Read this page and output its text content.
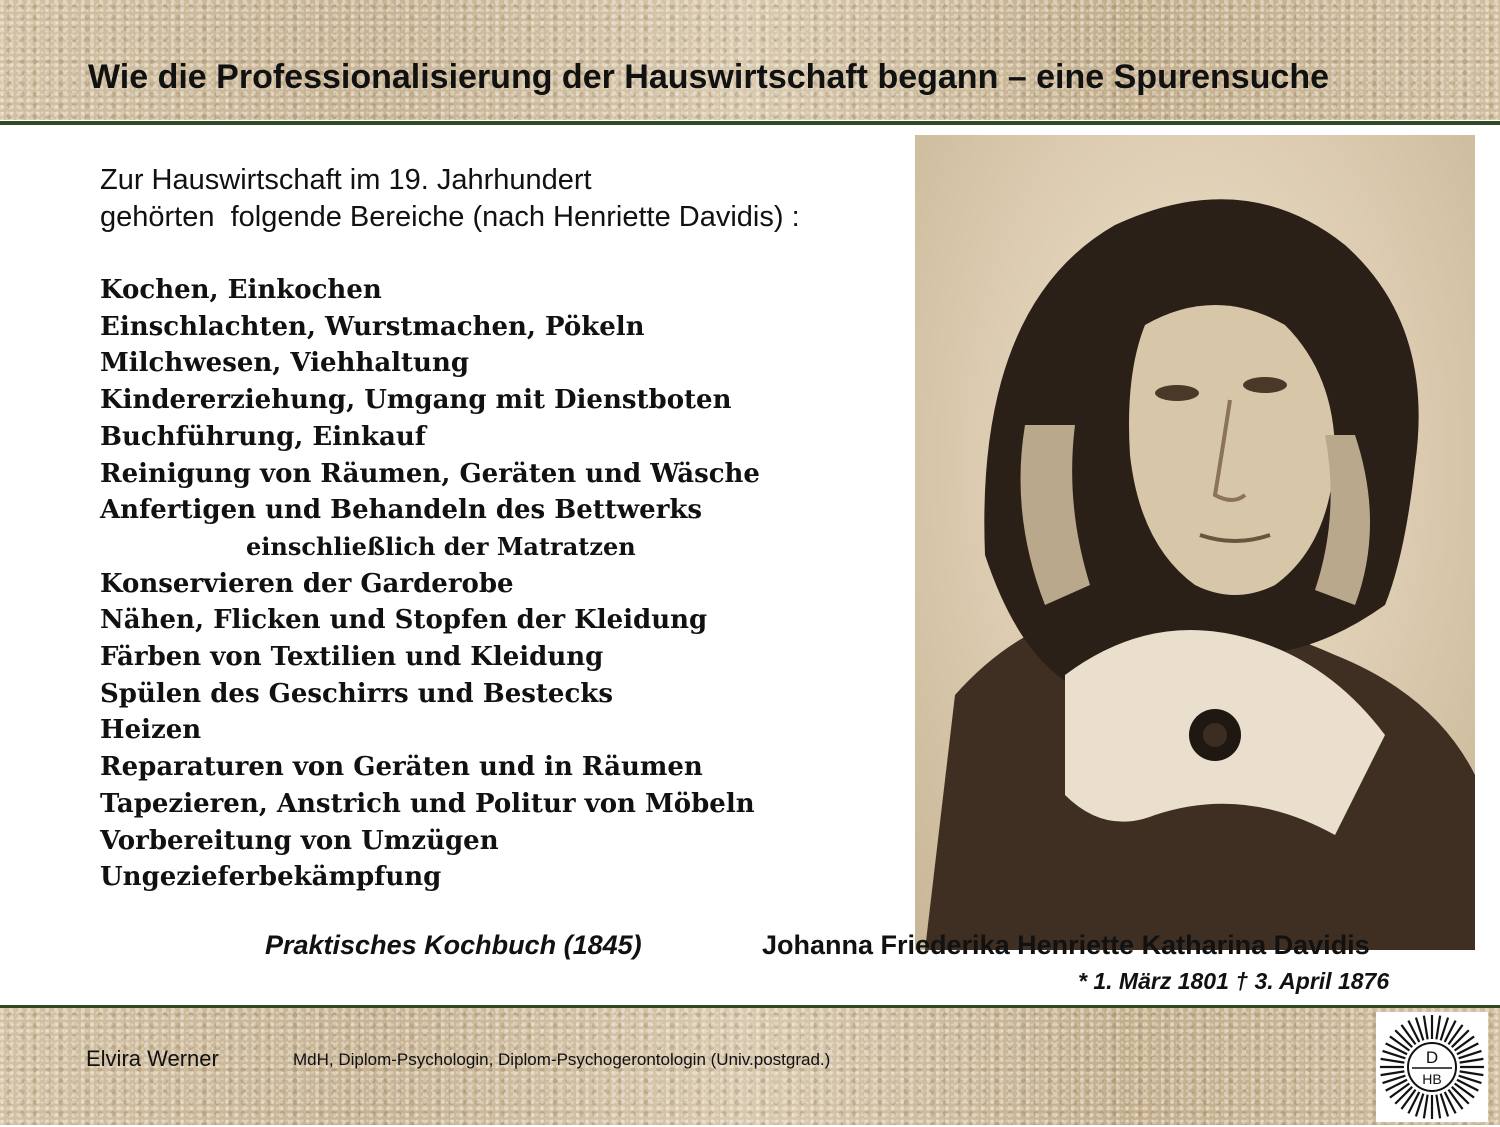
Wie die Professionalisierung der Hauswirtschaft begann – eine Spurensuche
Zur Hauswirtschaft im 19. Jahrhundert
gehörten  folgende Bereiche (nach Henriette Davidis) :
Kochen, Einkochen
Einschlachten, Wurstmachen, Pökeln
Milchwesen, Viehhaltung
Kindererziehung, Umgang mit Dienstboten
Buchführung, Einkauf
Reinigung von Räumen, Geräten und Wäsche
Anfertigen und Behandeln des Bettwerks
einschließlich der Matratzen
Konservieren der Garderobe
Nähen, Flicken und Stopfen der Kleidung
Färben von Textilien und Kleidung
Spülen des Geschirrs und Bestecks
Heizen
Reparaturen von Geräten und in Räumen
Tapezieren, Anstrich und Politur von Möbeln
Vorbereitung von Umzügen
Ungezieferbekämpfung
Praktisches Kochbuch (1845)	Johanna Friederika Henriette Katharina Davidis
* 1. März 1801 † 3. April 1876
Elvira Werner	MdH, Diplom-Psychologin, Diplom-Psychogerontologin (Univ.postgrad.)	D
HB
